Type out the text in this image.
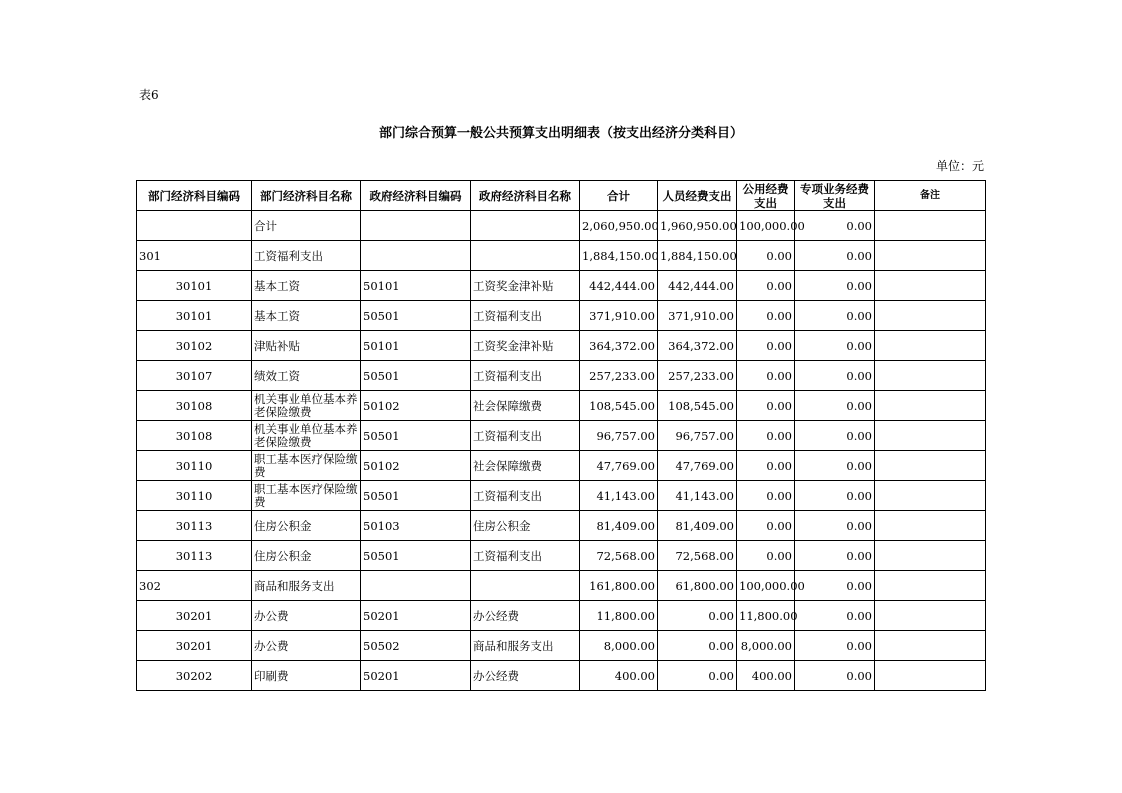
表6
部门综合预算一般公共预算支出明细表（按支出经济分类科目）
单位：元
部门经济科目编码	部门经济科目名称	政府经济科目编码	政府经济科目名称	合计	人员经费支出	公用经费支出	专项业务经费支出	备注
	合计			2,060,950.00	1,960,950.00	100,000.00	0.00	
301	工资福利支出			1,884,150.00	1,884,150.00	0.00	0.00	
30101	基本工资	50101	工资奖金津补贴	442,444.00	442,444.00	0.00	0.00	
30101	基本工资	50501	工资福利支出	371,910.00	371,910.00	0.00	0.00	
30102	津贴补贴	50101	工资奖金津补贴	364,372.00	364,372.00	0.00	0.00	
30107	绩效工资	50501	工资福利支出	257,233.00	257,233.00	0.00	0.00	
30108	机关事业单位基本养老保险缴费	50102	社会保障缴费	108,545.00	108,545.00	0.00	0.00	
30108	机关事业单位基本养老保险缴费	50501	工资福利支出	96,757.00	96,757.00	0.00	0.00	
30110	职工基本医疗保险缴费	50102	社会保障缴费	47,769.00	47,769.00	0.00	0.00	
30110	职工基本医疗保险缴费	50501	工资福利支出	41,143.00	41,143.00	0.00	0.00	
30113	住房公积金	50103	住房公积金	81,409.00	81,409.00	0.00	0.00	
30113	住房公积金	50501	工资福利支出	72,568.00	72,568.00	0.00	0.00	
302	商品和服务支出			161,800.00	61,800.00	100,000.00	0.00	
30201	办公费	50201	办公经费	11,800.00	0.00	11,800.00	0.00	
30201	办公费	50502	商品和服务支出	8,000.00	0.00	8,000.00	0.00	
30202	印刷费	50201	办公经费	400.00	0.00	400.00	0.00	
